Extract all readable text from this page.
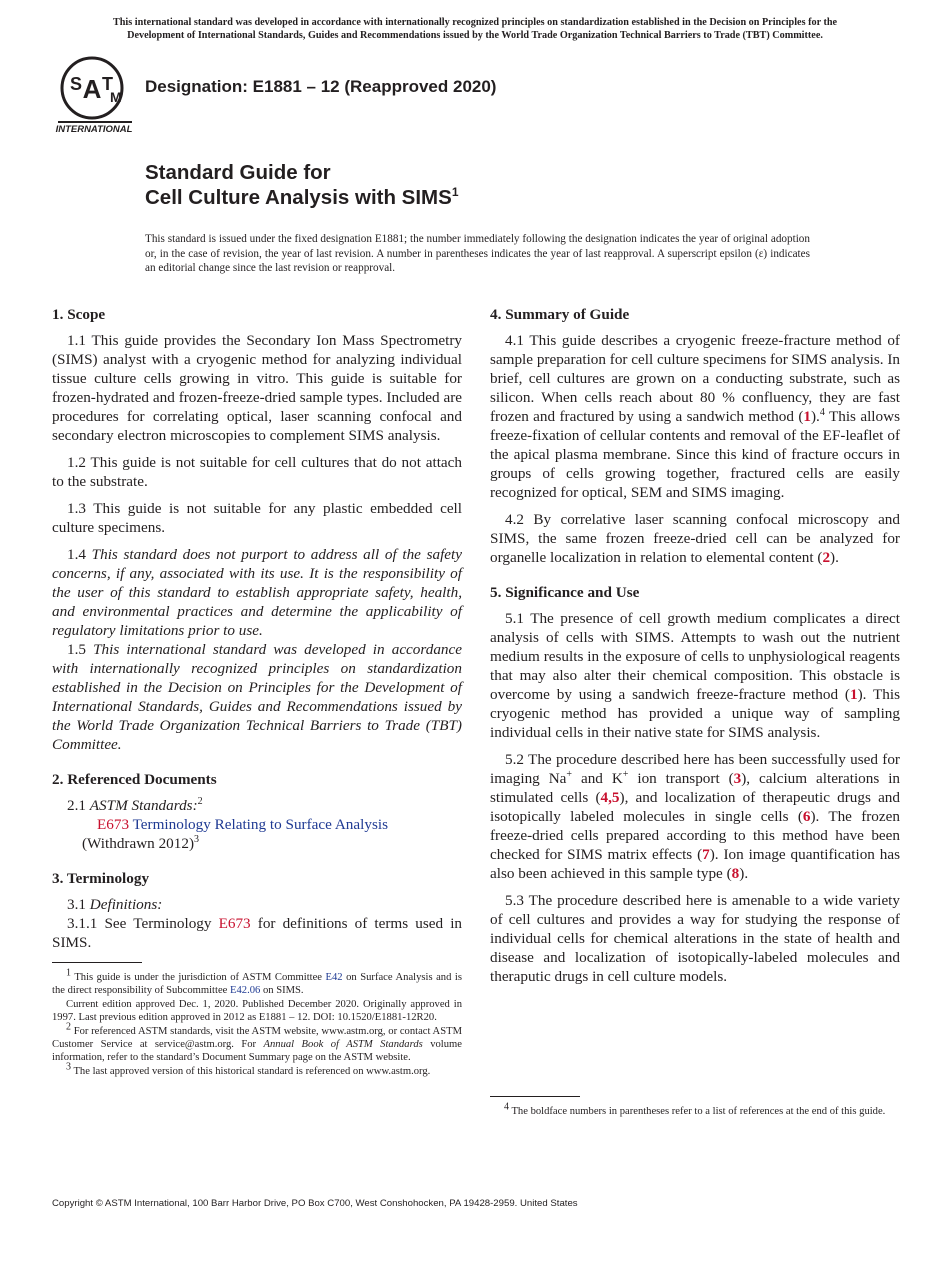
This international standard was developed in accordance with internationally recognized principles on standardization established in the Decision on Principles for the
Development of International Standards, Guides and Recommendations issued by the World Trade Organization Technical Barriers to Trade (TBT) Committee.
A
S T
M
INTERNATIONAL
Designation: E1881 – 12 (Reapproved 2020)
Standard Guide for
Cell Culture Analysis with SIMS$^1$
This standard is issued under the fixed designation E1881; the number immediately following the designation indicates the year of original adoption or, in the case of revision, the year of last revision. A number in parentheses indicates the year of last reapproval. A superscript epsilon (ε) indicates an editorial change since the last revision or reapproval.

1. Scope

1.1 This guide provides the Secondary Ion Mass Spectrometry (SIMS) analyst with a cryogenic method for analyzing individual tissue culture cells growing in vitro. This guide is suitable for frozen-hydrated and frozen-freeze-dried sample types. Included are procedures for correlating optical, laser scanning confocal and secondary electron microscopies to complement SIMS analysis.

1.2 This guide is not suitable for cell cultures that do not attach to the substrate.

1.3 This guide is not suitable for any plastic embedded cell culture specimens.

1.4 This standard does not purport to address all of the safety concerns, if any, associated with its use. It is the responsibility of the user of this standard to establish appropriate safety, health, and environmental practices and determine the applicability of regulatory limitations prior to use.

1.5 This international standard was developed in accordance with internationally recognized principles on standardization established in the Decision on Principles for the Development of International Standards, Guides and Recommendations issued by the World Trade Organization Technical Barriers to Trade (TBT) Committee.

2. Referenced Documents

2.1 ASTM Standards:$^2$

E673 Terminology Relating to Surface Analysis (Withdrawn 2012)$^3$

3. Terminology

3.1 Definitions:

3.1.1 See Terminology E673 for definitions of terms used in SIMS.

$^1$ This guide is under the jurisdiction of ASTM Committee E42 on Surface Analysis and is the direct responsibility of Subcommittee E42.06 on SIMS.

Current edition approved Dec. 1, 2020. Published December 2020. Originally approved in 1997. Last previous edition approved in 2012 as E1881 – 12. DOI: 10.1520/E1881-12R20.

$^2$ For referenced ASTM standards, visit the ASTM website, www.astm.org, or contact ASTM Customer Service at service@astm.org. For Annual Book of ASTM Standards volume information, refer to the standard’s Document Summary page on the ASTM website.

$^3$ The last approved version of this historical standard is referenced on www.astm.org.

4. Summary of Guide

4.1 This guide describes a cryogenic freeze-fracture method of sample preparation for cell culture specimens for SIMS analysis. In brief, cell cultures are grown on a conducting substrate, such as silicon. When cells reach about 80 % confluency, they are fast frozen and fractured by using a sandwich method (1).$^4$ This allows freeze-fixation of cellular contents and removal of the EF-leaflet of the apical plasma membrane. Since this kind of fracture occurs in groups of cells growing together, fractured cells are easily recognized for optical, SEM and SIMS imaging.

4.2 By correlative laser scanning confocal microscopy and SIMS, the same frozen freeze-dried cell can be analyzed for organelle localization in relation to elemental content (2).

5. Significance and Use

5.1 The presence of cell growth medium complicates a direct analysis of cells with SIMS. Attempts to wash out the nutrient medium results in the exposure of cells to unphysiological reagents that may also alter their chemical composition. This obstacle is overcome by using a sandwich freeze-fracture method (1). This cryogenic method has provided a unique way of sampling individual cells in their native state for SIMS analysis.

5.2 The procedure described here has been successfully used for imaging Na+ and K+ ion transport (3), calcium alterations in stimulated cells (4,5), and localization of therapeutic drugs and isotopically labeled molecules in single cells (6). The frozen freeze-dried cells prepared according to this method have been checked for SIMS matrix effects (7). Ion image quantification has also been achieved in this sample type (8).

5.3 The procedure described here is amenable to a wide variety of cell cultures and provides a way for studying the response of individual cells for chemical alterations in the state of health and disease and localization of isotopically-labeled molecules and theraputic drugs in cell culture models.

$^4$ The boldface numbers in parentheses refer to a list of references at the end of this guide.

Copyright © ASTM International, 100 Barr Harbor Drive, PO Box C700, West Conshohocken, PA 19428-2959. United States
